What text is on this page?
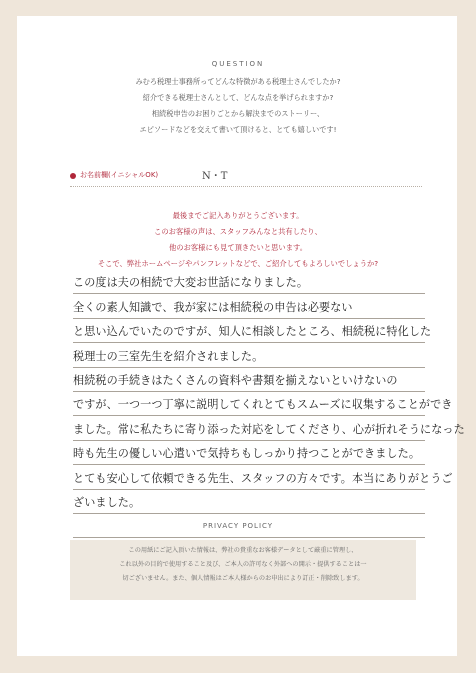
QUESTION
みむろ税理士事務所ってどんな特徴がある税理士さんでしたか?
紹介できる税理士さんとして、どんな点を挙げられますか?
相続税申告のお困りごとから解決までのストーリー、
エピソードなどを交えて書いて頂けると、とても嬉しいです!
お名前欄(イニシャルOK)	N・T
最後までご記入ありがとうございます。
このお客様の声は、スタッフみんなと共有したり、
他のお客様にも見て頂きたいと思います。
そこで、弊社ホームページやパンフレットなどで、ご紹介してもよろしいでしょうか?
この度は夫の相続で大変お世話になりました。
全くの素人知識で、我が家には相続税の申告は必要ない
と思い込んでいたのですが、知人に相談したところ、相続税に特化した
税理士の三室先生を紹介されました。
相続税の手続きはたくさんの資料や書類を揃えないといけないの
ですが、一つ一つ丁寧に説明してくれとてもスムーズに収集することができ
ました。常に私たちに寄り添った対応をしてくださり、心が折れそうになった
時も先生の優しい心遣いで気持ちもしっかり持つことができました。
とても安心して依頼できる先生、スタッフの方々です。本当にありがとうご
ざいました。
PRIVACY POLICY
この用紙にご記入頂いた情報は、弊社の貴重なお客様データとして厳重に管理し、
これ以外の目的で使用すること及び、ご本人の許可なく外部への開示・提供することは一
切ございません。また、個人情報はご本人様からのお申出により訂正・削除致します。
